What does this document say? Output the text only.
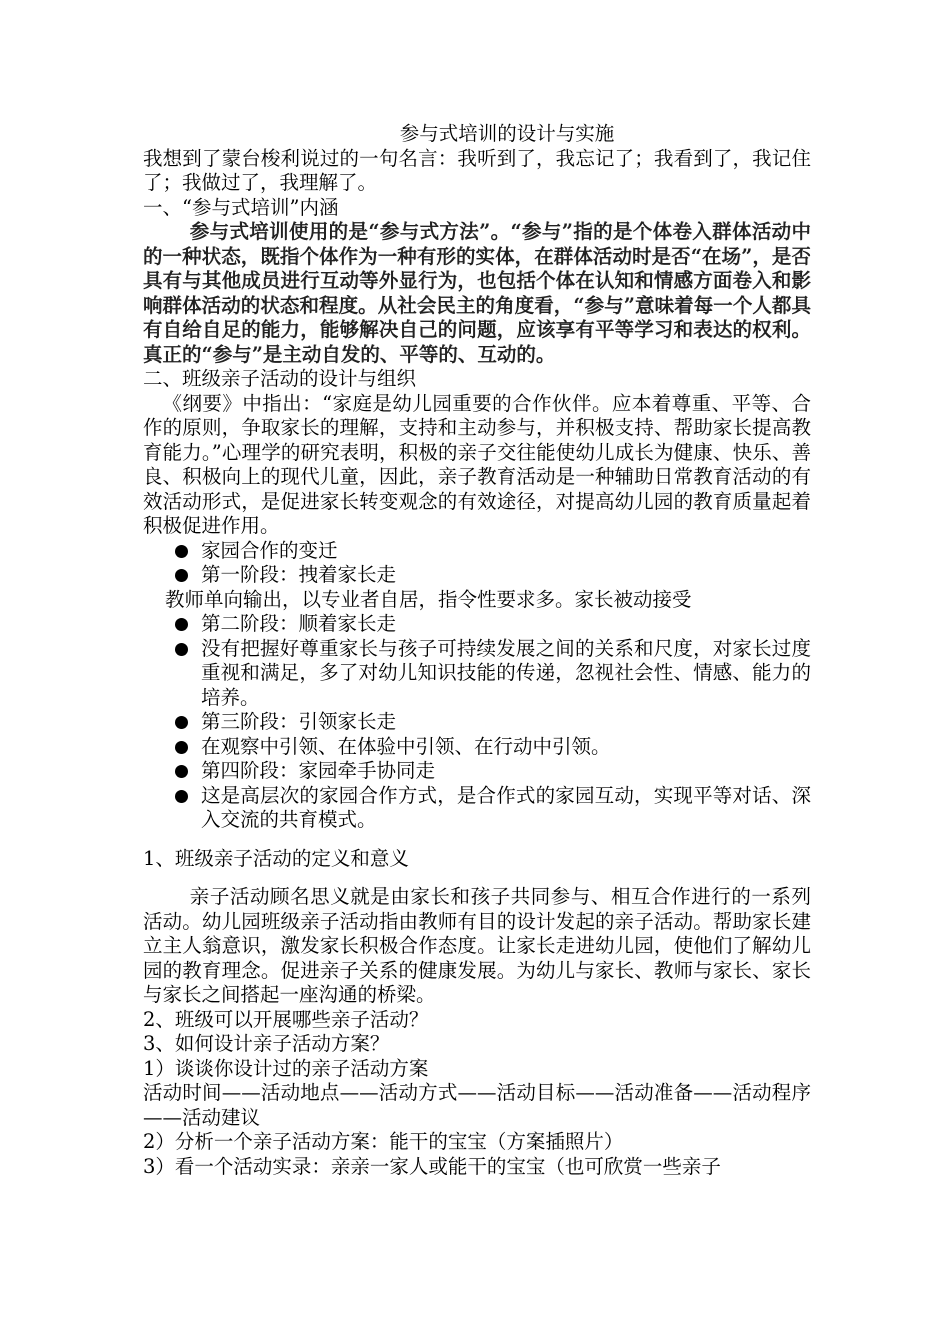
参与式培训的设计与实施

我想到了蒙台梭利说过的一句名言：我听到了，我忘记了；我看到了，我记住了；我做过了，我理解了。

一、“参与式培训”内涵

参与式培训使用的是“参与式方法”。“参与”指的是个体卷入群体活动中的一种状态，既指个体作为一种有形的实体，在群体活动时是否“在场”，是否具有与其他成员进行互动等外显行为，也包括个体在认知和情感方面卷入和影响群体活动的状态和程度。从社会民主的角度看，“参与”意味着每一个人都具有自给自足的能力，能够解决自己的问题，应该享有平等学习和表达的权利。真正的“参与”是主动自发的、平等的、互动的。

二、班级亲子活动的设计与组织

《纲要》中指出：“家庭是幼儿园重要的合作伙伴。应本着尊重、平等、合作的原则，争取家长的理解，支持和主动参与，并积极支持、帮助家长提高教育能力。”心理学的研究表明，积极的亲子交往能使幼儿成长为健康、快乐、善良、积极向上的现代儿童，因此，亲子教育活动是一种辅助日常教育活动的有效活动形式，是促进家长转变观念的有效途径，对提高幼儿园的教育质量起着积极促进作用。

家园合作的变迁
第一阶段：拽着家长走

教师单向输出，以专业者自居，指令性要求多。家长被动接受

第二阶段：顺着家长走
没有把握好尊重家长与孩子可持续发展之间的关系和尺度，对家长过度重视和满足，多了对幼儿知识技能的传递，忽视社会性、情感、能力的培养。
第三阶段：引领家长走
在观察中引领、在体验中引领、在行动中引领。
第四阶段：家园牵手协同走
这是高层次的家园合作方式，是合作式的家园互动，实现平等对话、深入交流的共育模式。

1、班级亲子活动的定义和意义

亲子活动顾名思义就是由家长和孩子共同参与、相互合作进行的一系列活动。幼儿园班级亲子活动指由教师有目的设计发起的亲子活动。帮助家长建立主人翁意识，激发家长积极合作态度。让家长走进幼儿园，使他们了解幼儿园的教育理念。促进亲子关系的健康发展。为幼儿与家长、教师与家长、家长与家长之间搭起一座沟通的桥梁。

2、班级可以开展哪些亲子活动？

3、如何设计亲子活动方案？

1）谈谈你设计过的亲子活动方案

活动时间——活动地点——活动方式——活动目标——活动准备——活动程序——活动建议

2）分析一个亲子活动方案：能干的宝宝（方案插照片）

3）看一个活动实录：亲亲一家人或能干的宝宝（也可欣赏一些亲子
